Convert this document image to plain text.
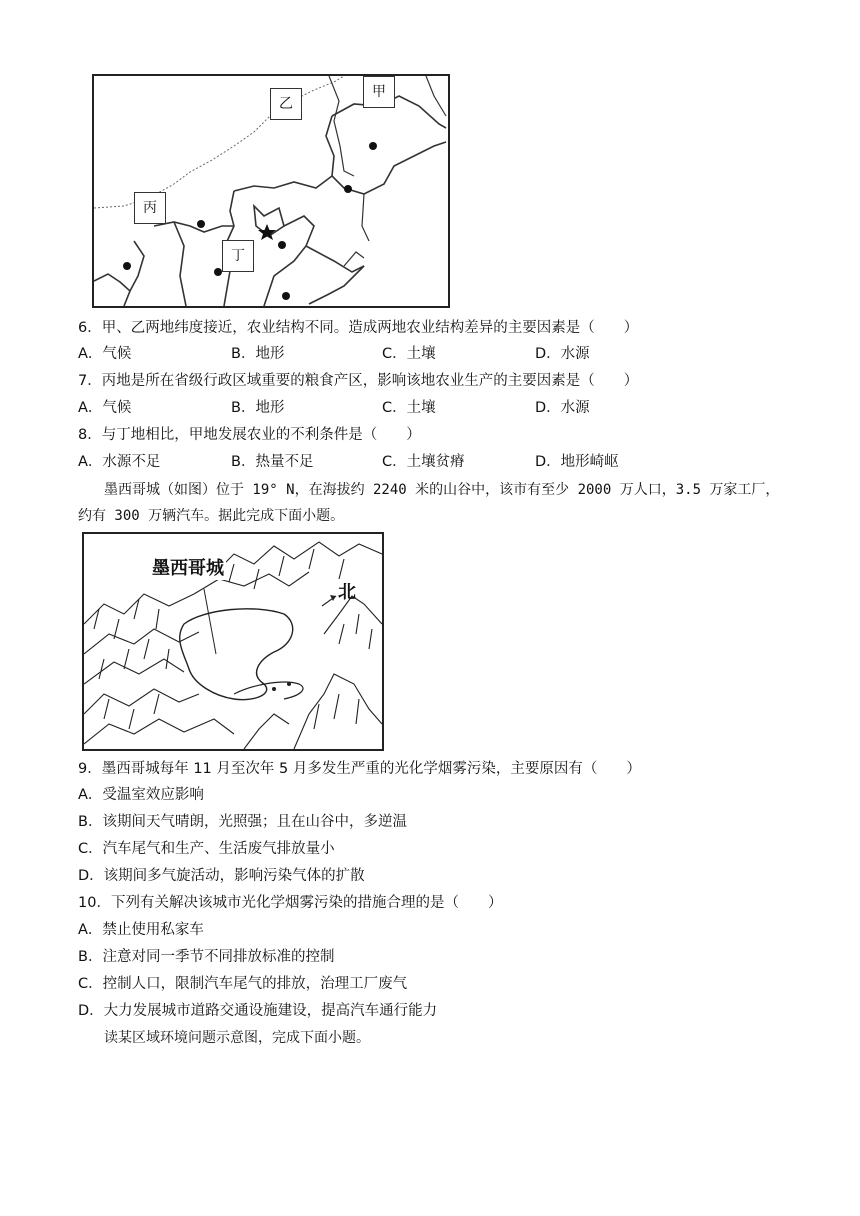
乙
甲
丙
丁
6．甲、乙两地纬度接近，农业结构不同。造成两地农业结构差异的主要因素是（　　）
A．气候	B．地形	C．土壤	D．水源
7．丙地是所在省级行政区域重要的粮食产区，影响该地农业生产的主要因素是（　　）
A．气候	B．地形	C．土壤	D．水源
8．与丁地相比，甲地发展农业的不利条件是（　　）
A．水源不足	B．热量不足	C．土壤贫瘠	D．地形崎岖
墨西哥城（如图）位于 19° N，在海拔约 2240 米的山谷中，该市有至少 2000 万人口，3.5 万家工厂，
约有 300 万辆汽车。据此完成下面小题。
墨西哥城
北
9．墨西哥城每年 11 月至次年 5 月多发生严重的光化学烟雾污染，主要原因有（　　）
A．受温室效应影响
B．该期间天气晴朗，光照强；且在山谷中，多逆温
C．汽车尾气和生产、生活废气排放量小
D．该期间多气旋活动，影响污染气体的扩散
10．下列有关解决该城市光化学烟雾污染的措施合理的是（　　）
A．禁止使用私家车
B．注意对同一季节不同排放标准的控制
C．控制人口，限制汽车尾气的排放，治理工厂废气
D．大力发展城市道路交通设施建设，提高汽车通行能力
读某区域环境问题示意图，完成下面小题。
